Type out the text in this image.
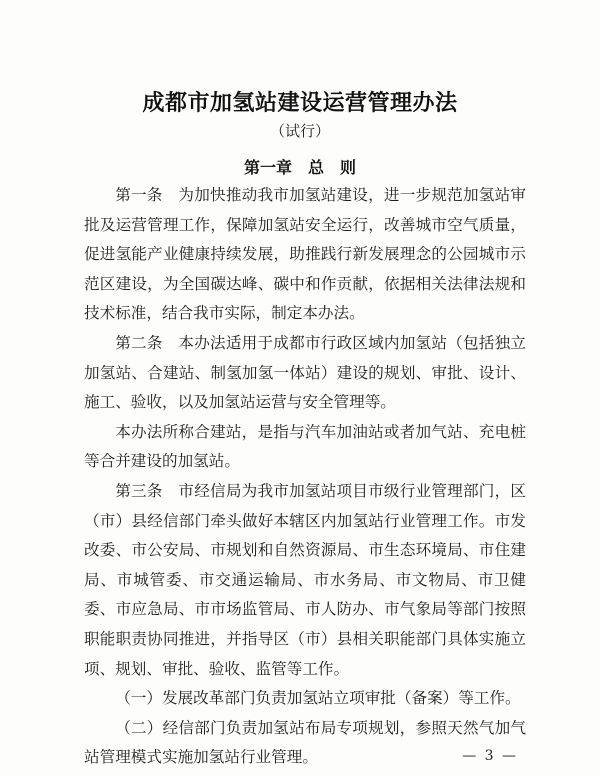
成都市加氢站建设运营管理办法
（试行）
第一章　总　则

第一条　为加快推动我市加氢站建设，进一步规范加氢站审批及运营管理工作，保障加氢站安全运行，改善城市空气质量，促进氢能产业健康持续发展，助推践行新发展理念的公园城市示范区建设，为全国碳达峰、碳中和作贡献，依据相关法律法规和技术标准，结合我市实际，制定本办法。

第二条　本办法适用于成都市行政区域内加氢站（包括独立加氢站、合建站、制氢加氢一体站）建设的规划、审批、设计、施工、验收，以及加氢站运营与安全管理等。

本办法所称合建站，是指与汽车加油站或者加气站、充电桩等合并建设的加氢站。

第三条　市经信局为我市加氢站项目市级行业管理部门，区（市）县经信部门牵头做好本辖区内加氢站行业管理工作。市发改委、市公安局、市规划和自然资源局、市生态环境局、市住建局、市城管委、市交通运输局、市水务局、市文物局、市卫健委、市应急局、市市场监管局、市人防办、市气象局等部门按照职能职责协同推进，并指导区（市）县相关职能部门具体实施立项、规划、审批、验收、监管等工作。

（一）发展改革部门负责加氢站立项审批（备案）等工作。

（二）经信部门负责加氢站布局专项规划，参照天然气加气站管理模式实施加氢站行业管理。	— 3 —
